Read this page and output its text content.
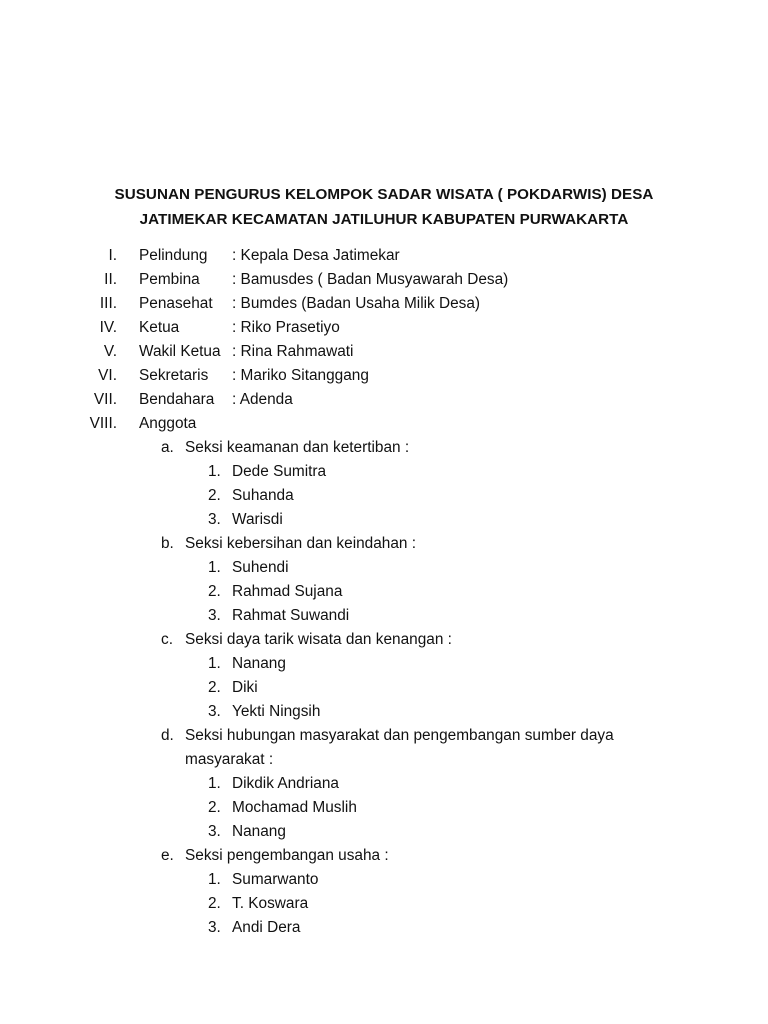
SUSUNAN PENGURUS KELOMPOK SADAR WISATA ( POKDARWIS) DESA
JATIMEKAR KECAMATAN JATILUHUR KABUPATEN PURWAKARTA
I. Pelindung : Kepala Desa Jatimekar
II. Pembina : Bamusdes ( Badan Musyawarah Desa)
III. Penasehat : Bumdes (Badan Usaha Milik Desa)
IV. Ketua	: Riko Prasetiyo
V. Wakil Ketua : Rina Rahmawati
VI. Sekretaris : Mariko Sitanggang
VII. Bendahara : Adenda
VIII. Anggota
a. Seksi keamanan dan ketertiban :
1. Dede Sumitra
2. Suhanda
3. Warisdi
b. Seksi kebersihan dan keindahan :
1. Suhendi
2. Rahmad Sujana
3. Rahmat Suwandi
c. Seksi daya tarik wisata dan kenangan :
1. Nanang
2. Diki
3. Yekti Ningsih
d. Seksi hubungan masyarakat dan pengembangan sumber daya
masyarakat :
1. Dikdik Andriana
2. Mochamad Muslih
3. Nanang
e. Seksi pengembangan usaha :
1. Sumarwanto
2. T. Koswara
3. Andi Dera
